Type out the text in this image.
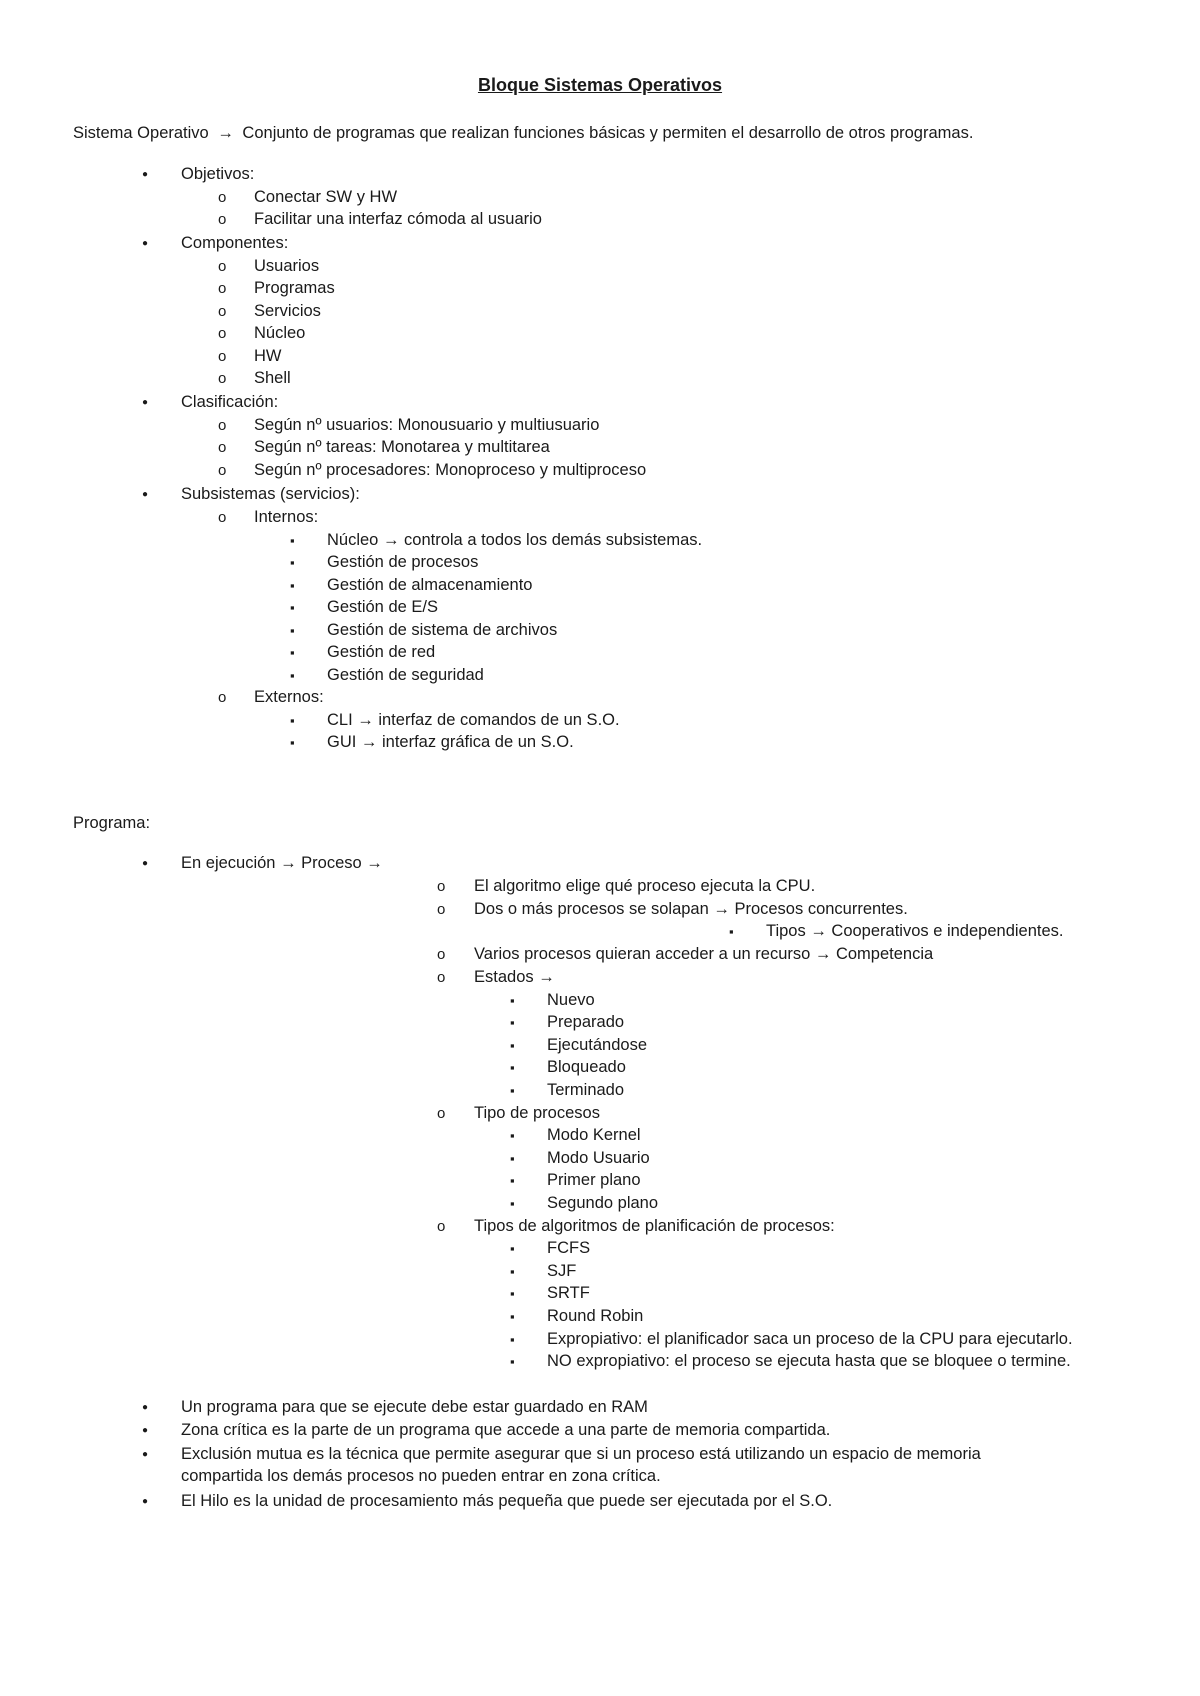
Bloque Sistemas Operativos
Sistema Operativo → Conjunto de programas que realizan funciones básicas y permiten el desarrollo de otros programas.
●
Objetivos:
o
Conectar SW y HW
o
Facilitar una interfaz cómoda al usuario
●
Componentes:
o
Usuarios
o
Programas
o
Servicios
o
Núcleo
o
HW
o
Shell
●
Clasificación:
o
Según nº usuarios: Monousuario y multiusuario
o
Según nº tareas: Monotarea y multitarea
o
Según nº procesadores: Monoproceso y multiproceso
●
Subsistemas (servicios):
o
Internos:
▪
Núcleo → controla a todos los demás subsistemas.
▪
Gestión de procesos
▪
Gestión de almacenamiento
▪
Gestión de E/S
▪
Gestión de sistema de archivos
▪
Gestión de red
▪
Gestión de seguridad
o
Externos:
▪
CLI → interfaz de comandos de un S.O.
▪
GUI → interfaz gráfica de un S.O.
Programa:
●
En ejecución → Proceso →
o
El algoritmo elige qué proceso ejecuta la CPU.
o
Dos o más procesos se solapan → Procesos concurrentes.
▪
Tipos → Cooperativos e independientes.
o
Varios procesos quieran acceder a un recurso → Competencia
o
Estados →
▪
Nuevo
▪
Preparado
▪
Ejecutándose
▪
Bloqueado
▪
Terminado
o
Tipo de procesos
▪
Modo Kernel
▪
Modo Usuario
▪
Primer plano
▪
Segundo plano
o
Tipos de algoritmos de planificación de procesos:
▪
FCFS
▪
SJF
▪
SRTF
▪
Round Robin
▪
Expropiativo: el planificador saca un proceso de la CPU para ejecutarlo.
▪
NO expropiativo: el proceso se ejecuta hasta que se bloquee o termine.
●
Un programa para que se ejecute debe estar guardado en RAM
●
Zona crítica es la parte de un programa que accede a una parte de memoria compartida.
●
Exclusión mutua es la técnica que permite asegurar que si un proceso está utilizando un espacio de memoria
compartida los demás procesos no pueden entrar en zona crítica.
●
El Hilo es la unidad de procesamiento más pequeña que puede ser ejecutada por el S.O.
